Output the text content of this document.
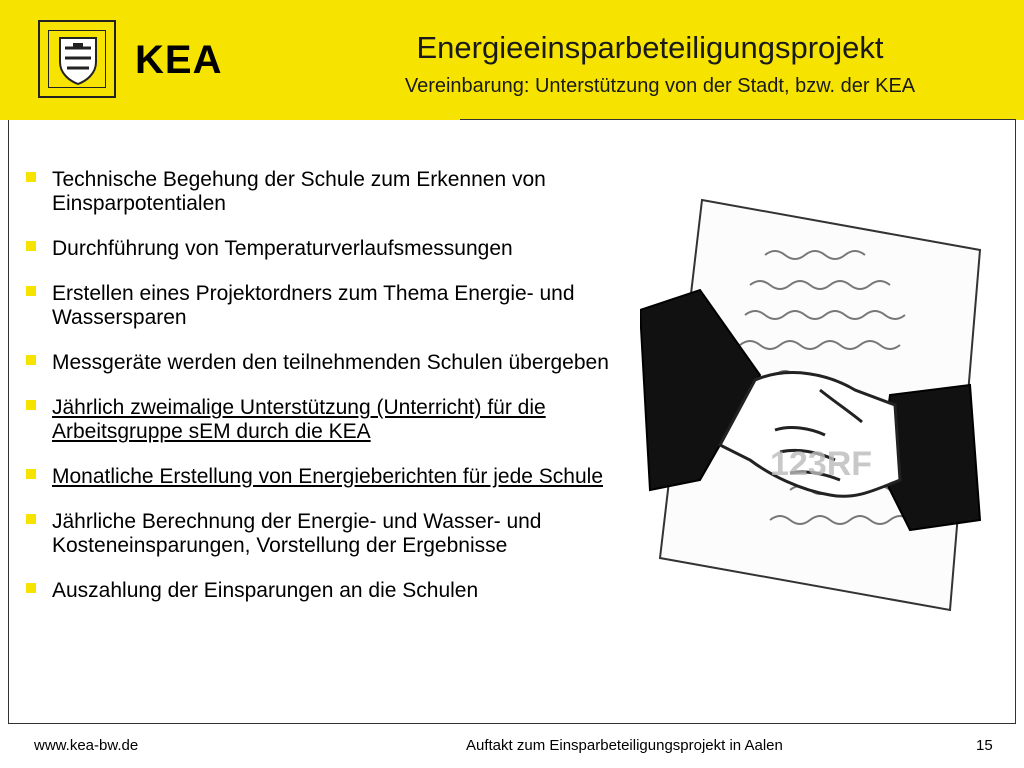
KEA	Energieeinsparbeteiligungsprojekt
Vereinbarung: Unterstützung von der Stadt, bzw. der KEA
Technische Begehung der Schule zum Erkennen von Einsparpotentialen
Durchführung von Temperaturverlaufsmessungen
Erstellen eines Projektordners zum Thema Energie- und Wassersparen
Messgeräte werden den teilnehmenden Schulen übergeben
Jährlich zweimalige Unterstützung (Unterricht) für die Arbeitsgruppe sEM durch die KEA
Monatliche Erstellung von Energieberichten für jede Schule
Jährliche Berechnung der Energie- und Wasser- und Kosteneinsparungen, Vorstellung der Ergebnisse
Auszahlung der Einsparungen an die Schulen
123RF
www.kea-bw.de	Auftakt zum Einsparbeteiligungsprojekt in Aalen	15
